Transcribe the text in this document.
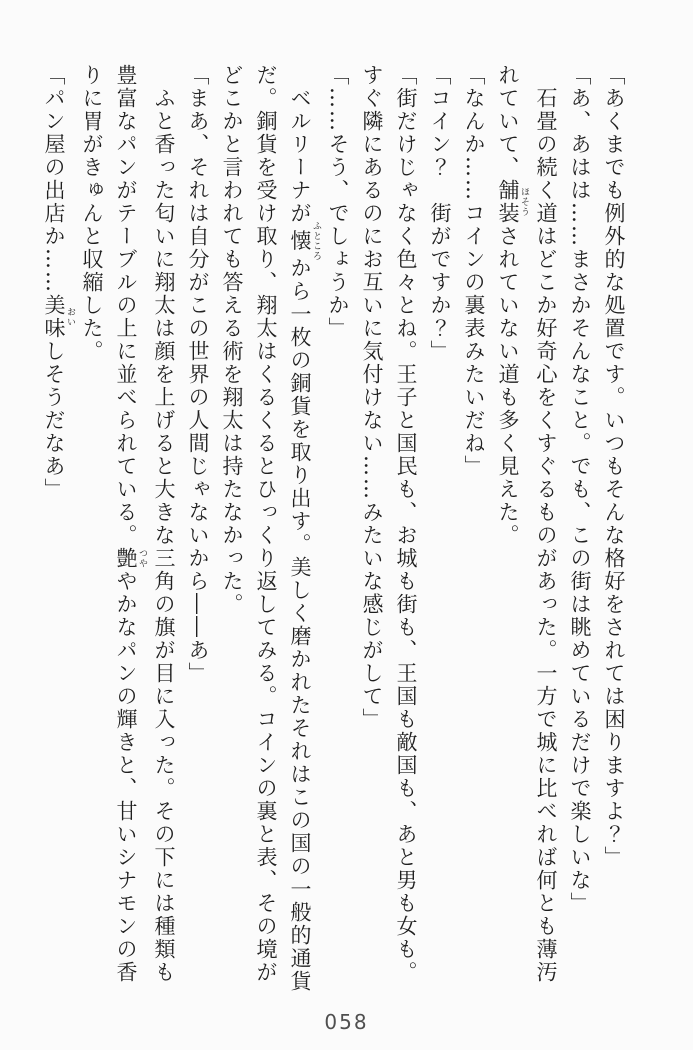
「あくまでも例外的な処置です。いつもそんな格好をされては困りますよ？」

「あ、あはは……まさかそんなこと。でも、この街は眺めているだけで楽しいな」

石畳の続く道はどこか好奇心をくすぐるものがあった。一方で城に比べれば何とも薄汚

れていて、舗装 ほそうされていない道も多く見えた。

「なんか……コインの裏表みたいだね」

「コイン？　街がですか？」

「街だけじゃなく色々とね。王子と国民も、お城も街も、王国も敵国も、あと男も女も。

すぐ隣にあるのにお互いに気付けない……みたいな感じがして」

「……そう、でしょうか」

ベルリーナが懐 ふところから一枚の銅貨を取り出す。美しく磨かれたそれはこの国の一般的通貨

だ。銅貨を受け取り、翔太はくるくるとひっくり返してみる。コインの裏と表、その境が

どこかと言われても答える術を翔太は持たなかった。

「まあ、それは自分がこの世界の人間じゃないから――あ」

ふと香った匂いに翔太は顔を上げると大きな三角の旗が目に入った。その下には種類も

豊富なパンがテーブルの上に並べられている。艶 つややかなパンの輝きと、甘いシナモンの香

りに胃がきゅんと収縮した。

「パン屋の出店か……美味 おいしそうだなあ」

058
